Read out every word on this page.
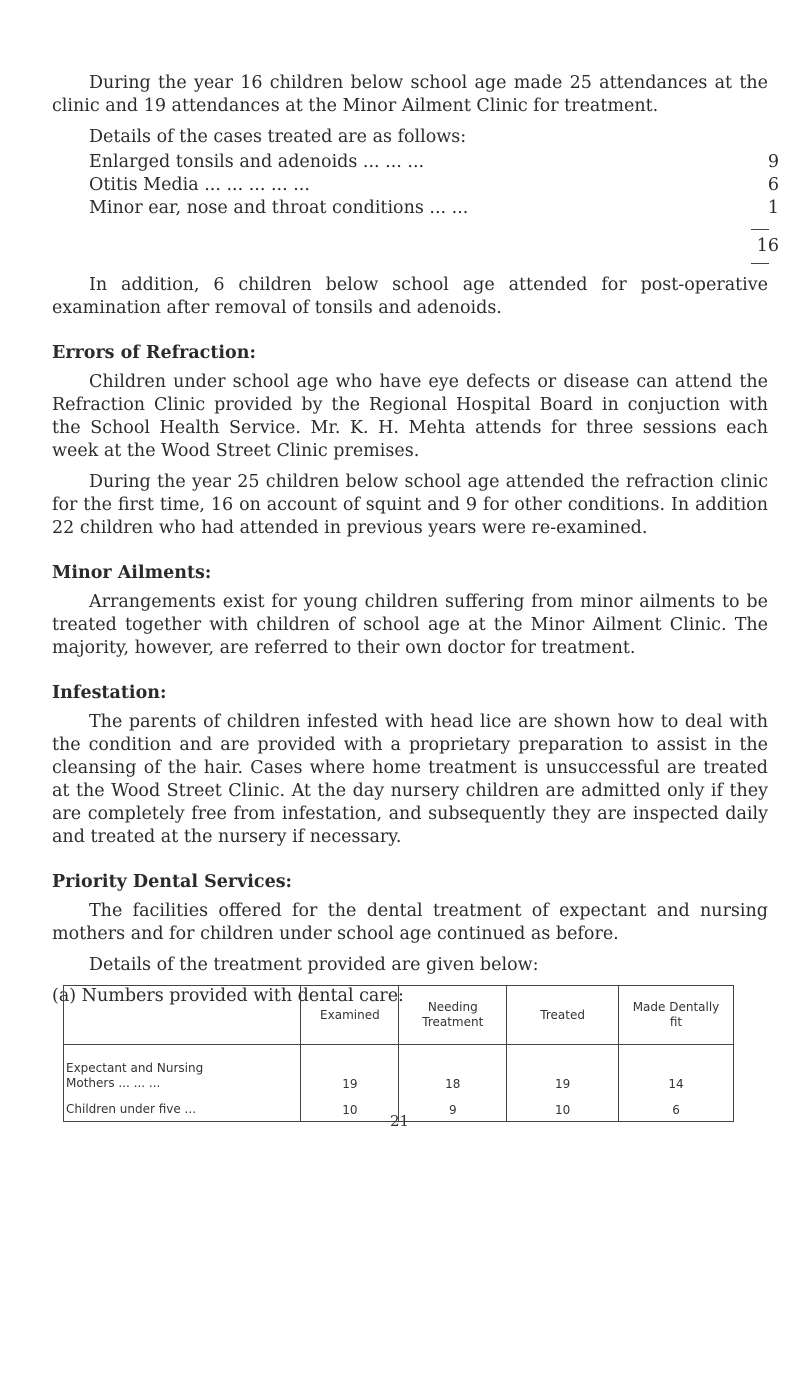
During the year 16 children below school age made 25 attendances at the clinic and 19 attendances at the Minor Ailment Clinic for treatment.

Details of the cases treated are as follows:

Enlarged tonsils and adenoids ... ... ...	9
Otitis Media ... ... ... ... ...	6
Minor ear, nose and throat conditions ... ...	1
16

In addition, 6 children below school age attended for post-operative examination after removal of tonsils and adenoids.

Errors of Refraction:

Children under school age who have eye defects or disease can attend the Refraction Clinic provided by the Regional Hospital Board in conjuction with the School Health Service. Mr. K. H. Mehta attends for three sessions each week at the Wood Street Clinic premises.

During the year 25 children below school age attended the refraction clinic for the first time, 16 on account of squint and 9 for other conditions. In addition 22 children who had attended in previous years were re-examined.

Minor Ailments:

Arrangements exist for young children suffering from minor ailments to be treated together with children of school age at the Minor Ailment Clinic. The majority, however, are referred to their own doctor for treatment.

Infestation:

The parents of children infested with head lice are shown how to deal with the condition and are provided with a proprietary preparation to assist in the cleansing of the hair. Cases where home treatment is unsuccessful are treated at the Wood Street Clinic. At the day nursery children are admitted only if they are completely free from infestation, and subsequently they are inspected daily and treated at the nursery if necessary.

Priority Dental Services:

The facilities offered for the dental treatment of expectant and nursing mothers and for children under school age continued as before.

Details of the treatment provided are given below:

(a) Numbers provided with dental care:

	Examined	Needing Treatment	Treated	Made Dentally fit

Expectant and Nursing
Mothers ... ... ...	19	18	19	14
Children under five ...	10	9	10	6
21
